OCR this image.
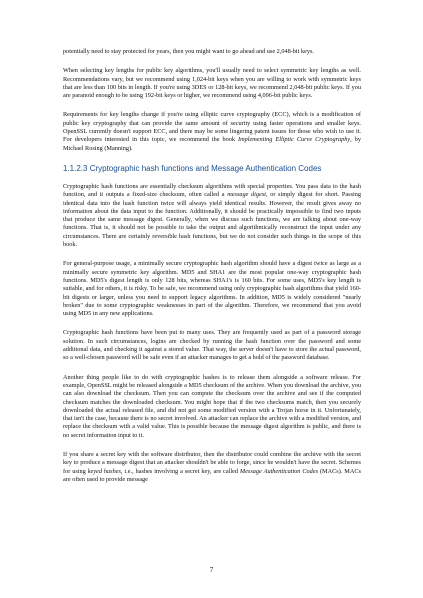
potentially need to stay protected for years, then you might want to go ahead and use 2,048-bit keys.

When selecting key lengths for public key algorithms, you'll usually need to select symmetric key lengths as well. Recommendations vary, but we recommend using 1,024-bit keys when you are willing to work with symmetric keys that are less than 100 bits in length. If you're using 3DES or 128-bit keys, we recommend 2,048-bit public keys. If you are paranoid enough to be using 192-bit keys or higher, we recommend using 4,096-bit public keys.

Requirements for key lengths change if you're using elliptic curve cryptography (ECC), which is a modification of public key cryptography that can provide the same amount of security using faster operations and smaller keys. OpenSSL currently doesn't support ECC, and there may be some lingering patent issues for those who wish to use it. For developers interested in this topic, we recommend the book Implementing Elliptic Curve Cryptography, by Michael Rosing (Manning).

1.1.2.3 Cryptographic hash functions and Message Authentication Codes

Cryptographic hash functions are essentially checksum algorithms with special properties. You pass data to the hash function, and it outputs a fixed-size checksum, often called a message digest, or simply digest for short. Passing identical data into the hash function twice will always yield identical results. However, the result gives away no information about the data input to the function. Additionally, it should be practically impossible to find two inputs that produce the same message digest. Generally, when we discuss such functions, we are talking about one-way functions. That is, it should not be possible to take the output and algorithmically reconstruct the input under any circumstances. There are certainly reversible hash functions, but we do not consider such things in the scope of this book.

For general-purpose usage, a minimally secure cryptographic hash algorithm should have a digest twice as large as a minimally secure symmetric key algorithm. MD5 and SHA1 are the most popular one-way cryptographic hash functions. MD5's digest length is only 128 bits, whereas SHA1's is 160 bits. For some uses, MD5's key length is suitable, and for others, it is risky. To be safe, we recommend using only cryptographic hash algorithms that yield 160-bit digests or larger, unless you need to support legacy algorithms. In addition, MD5 is widely considered "nearly broken" due to some cryptographic weaknesses in part of the algorithm. Therefore, we recommend that you avoid using MD5 in any new applications.

Cryptographic hash functions have been put to many uses. They are frequently used as part of a password storage solution. In such circumstances, logins are checked by running the hash function over the password and some additional data, and checking it against a stored value. That way, the server doesn't have to store the actual password, so a well-chosen password will be safe even if an attacker manages to get a hold of the password database.

Another thing people like to do with cryptographic hashes is to release them alongside a software release. For example, OpenSSL might be released alongside a MD5 checksum of the archive. When you download the archive, you can also download the checksum. Then you can compute the checksum over the archive and see if the computed checksum matches the downloaded checksum. You might hope that if the two checksums match, then you securely downloaded the actual released file, and did not get some modified version with a Trojan horse in it. Unfortunately, that isn't the case, because there is no secret involved. An attacker can replace the archive with a modified version, and replace the checksum with a valid value. This is possible because the message digest algorithm is public, and there is no secret information input to it.

If you share a secret key with the software distributor, then the distributor could combine the archive with the secret key to produce a message digest that an attacker shouldn't be able to forge, since he wouldn't have the secret. Schemes for using keyed hashes, i.e., hashes involving a secret key, are called Message Authentication Codes (MACs). MACs are often used to provide message

7
